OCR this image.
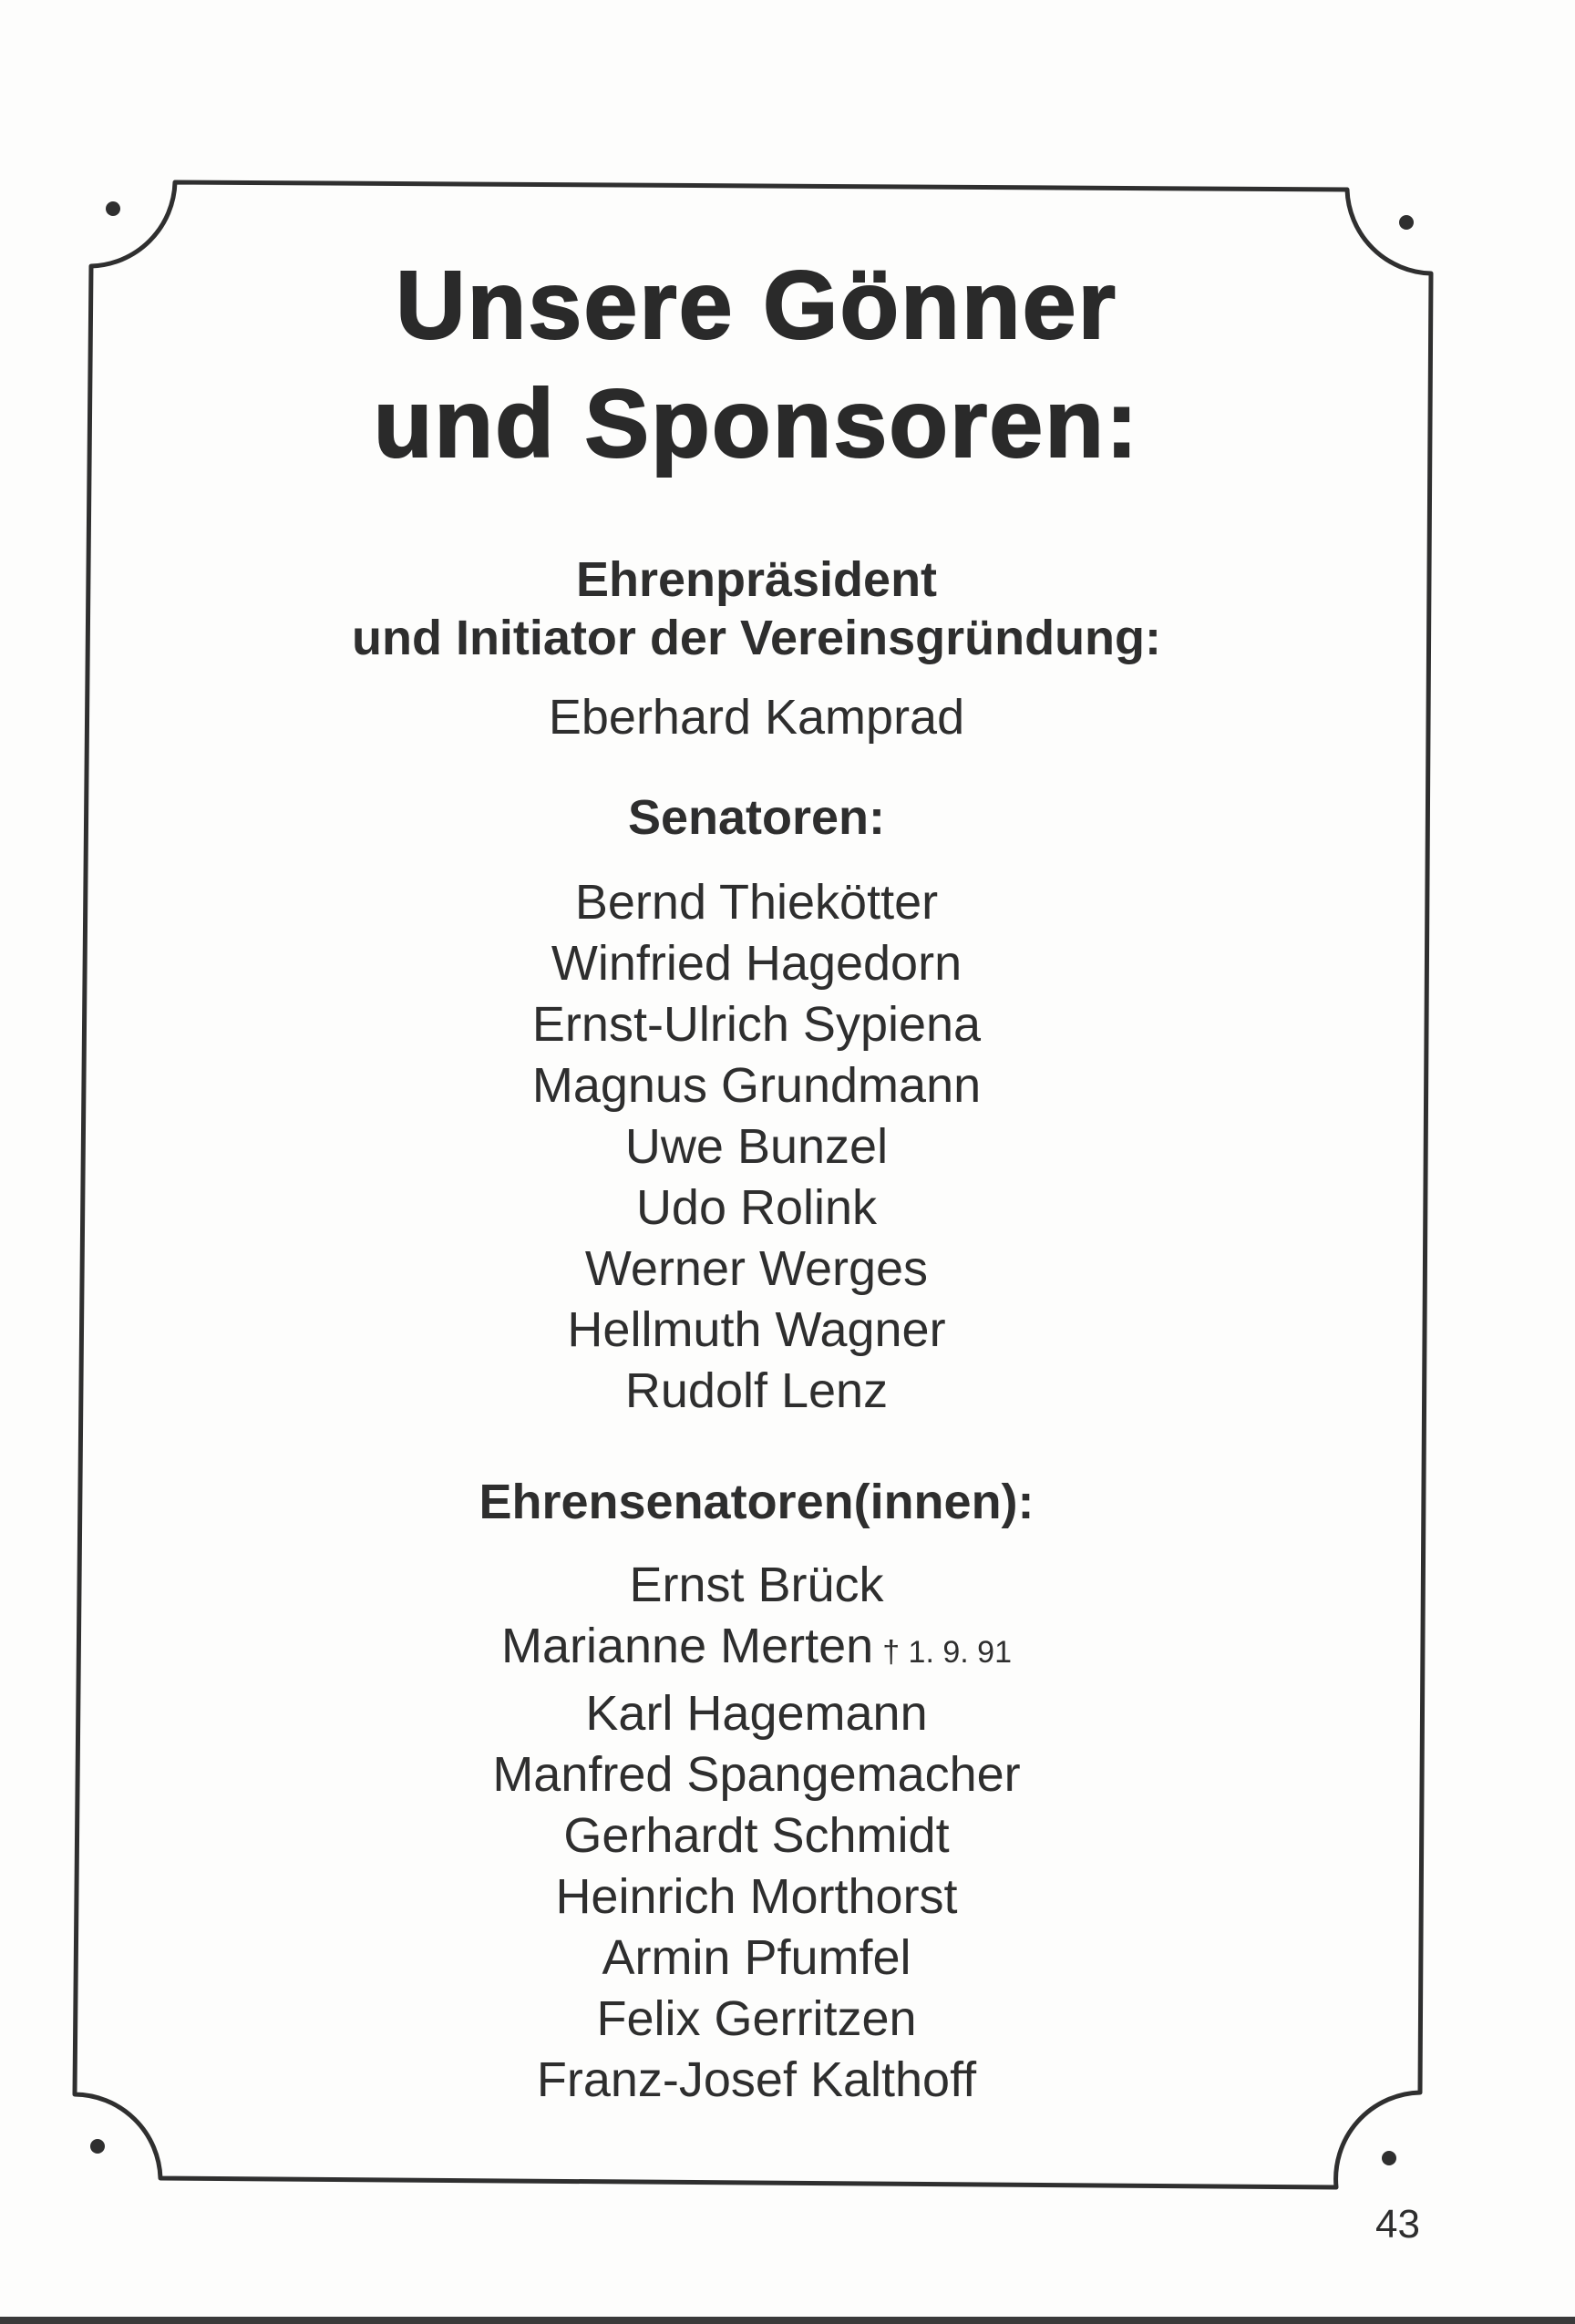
Unsere Gönner
und Sponsoren:
Ehrenpräsident
und Initiator der Vereinsgründung:
Eberhard Kamprad
Senatoren:
Bernd Thiekötter
Winfried Hagedorn
Ernst-Ulrich Sypiena
Magnus Grundmann
Uwe Bunzel
Udo Rolink
Werner Werges
Hellmuth Wagner
Rudolf Lenz
Ehrensenatoren(innen):
Ernst Brück
Marianne Merten † 1. 9. 91
Karl Hagemann
Manfred Spangemacher
Gerhardt Schmidt
Heinrich Morthorst
Armin Pfumfel
Felix Gerritzen
Franz-Josef Kalthoff
43
